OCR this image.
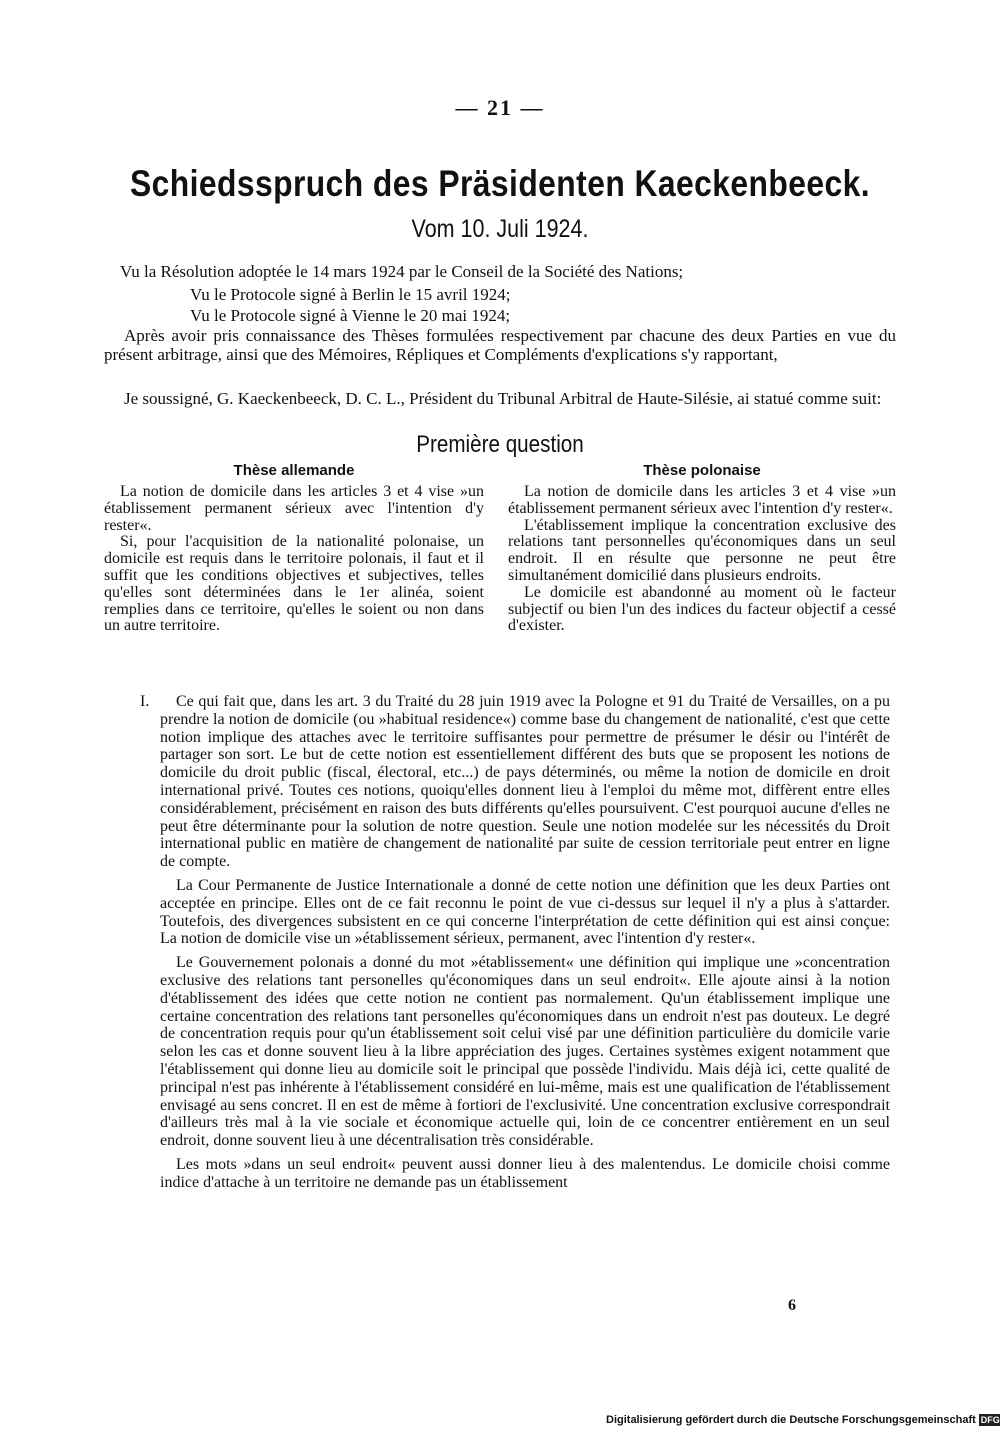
— 21 —
Schiedsspruch des Präsidenten Kaeckenbeeck.
Vom 10. Juli 1924.
Vu la Résolution adoptée le 14 mars 1924 par le Conseil de la Société des Nations;
Vu le Protocole signé à Berlin le 15 avril 1924;
Vu le Protocole signé à Vienne le 20 mai 1924;
Après avoir pris connaissance des Thèses formulées respectivement par chacune des deux Parties en vue du présent arbitrage, ainsi que des Mémoires, Répliques et Compléments d'explications s'y rapportant,
Je soussigné, G. Kaeckenbeeck, D. C. L., Président du Tribunal Arbitral de Haute-Silésie, ai statué comme suit:
Première question
Thèse allemande

La notion de domicile dans les articles 3 et 4 vise »un établissement permanent sérieux avec l'intention d'y rester«.

Si, pour l'acquisition de la nationalité polonaise, un domicile est requis dans le territoire polonais, il faut et il suffit que les conditions objectives et subjectives, telles qu'elles sont déterminées dans le 1er alinéa, soient remplies dans ce territoire, qu'elles le soient ou non dans un autre territoire.

Thèse polonaise

La notion de domicile dans les articles 3 et 4 vise »un établissement permanent sérieux avec l'intention d'y rester«.

L'établissement implique la concentration exclusive des relations tant personnelles qu'économiques dans un seul endroit. Il en résulte que personne ne peut être simultanément domicilié dans plusieurs endroits.

Le domicile est abandonné au moment où le facteur subjectif ou bien l'un des indices du facteur objectif a cessé d'exister.

I.	Ce qui fait que, dans les art. 3 du Traité du 28 juin 1919 avec la Pologne et 91 du Traité de Versailles, on a pu prendre la notion de domicile (ou »habitual residence«) comme base du changement de nationalité, c'est que cette notion implique des attaches avec le territoire suffisantes pour permettre de présumer le désir ou l'intérêt de partager son sort. Le but de cette notion est essentiellement différent des buts que se proposent les notions de domicile du droit public (fiscal, électoral, etc...) de pays déterminés, ou même la notion de domicile en droit international privé. Toutes ces notions, quoiqu'elles donnent lieu à l'emploi du même mot, diffèrent entre elles considérablement, précisément en raison des buts différents qu'elles poursuivent. C'est pourquoi aucune d'elles ne peut être déterminante pour la solution de notre question. Seule une notion modelée sur les nécessités du Droit international public en matière de changement de nationalité par suite de cession territoriale peut entrer en ligne de compte.

La Cour Permanente de Justice Internationale a donné de cette notion une définition que les deux Parties ont acceptée en principe. Elles ont de ce fait reconnu le point de vue ci-dessus sur lequel il n'y a plus à s'attarder. Toutefois, des divergences subsistent en ce qui concerne l'interprétation de cette définition qui est ainsi conçue: La notion de domicile vise un »établissement sérieux, permanent, avec l'intention d'y rester«.

Le Gouvernement polonais a donné du mot »établissement« une définition qui implique une »concentration exclusive des relations tant personelles qu'économiques dans un seul endroit«. Elle ajoute ainsi à la notion d'établissement des idées que cette notion ne contient pas normalement. Qu'un établissement implique une certaine concentration des relations tant personelles qu'économiques dans un endroit n'est pas douteux. Le degré de concentration requis pour qu'un établissement soit celui visé par une définition particulière du domicile varie selon les cas et donne souvent lieu à la libre appréciation des juges. Certaines systèmes exigent notamment que l'établissement qui donne lieu au domicile soit le principal que possède l'individu. Mais déjà ici, cette qualité de principal n'est pas inhérente à l'établissement considéré en lui-même, mais est une qualification de l'établissement envisagé au sens concret. Il en est de même à fortiori de l'exclusivité. Une concentration exclusive correspondrait d'ailleurs très mal à la vie sociale et économique actuelle qui, loin de ce concentrer entièrement en un seul endroit, donne souvent lieu à une décentralisation très considérable.

Les mots »dans un seul endroit« peuvent aussi donner lieu à des malentendus. Le domicile choisi comme indice d'attache à un territoire ne demande pas un établissement

6
Digitalisierung gefördert durch die Deutsche Forschungsgemeinschaft DFG
